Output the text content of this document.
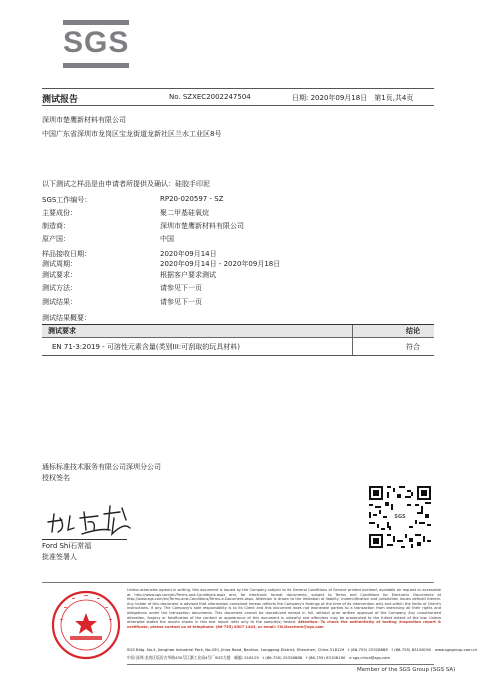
SGS
测试报告	No. SZXEC2002247504	日期: 2020年09月18日　第1页,共4页
深圳市楚鹰新材料有限公司
中国广东省深圳市龙岗区宝龙街道龙新社区兰水工业区8号
以下测试之样品是由申请者所提供及确认：硅胶手印泥
SGS工作编号：	RP20-020597 - SZ
主要成份：	聚二甲基硅氧烷
制造商：	深圳市楚鹰新材料有限公司
原产国：	中国
样品接收日期：	2020年09月14日
测试周期：	2020年09月14日 - 2020年09月18日
测试要求：	根据客户要求测试
测试方法：	请参见下一页
测试结果：	请参见下一页
测试结果概要：
测试要求	结论
EN 71-3:2019 - 可溶性元素含量(类别III:可刮取的玩具材料)	符合
通标标准技术服务有限公司深圳分公司
授权签名
Ford Shi石常福
批准签署人
SGS
Unless otherwise agreed in writing, this document is issued by the Company subject to its General Conditions of Service printed overleaf, available on request or accessible at http://www.sgs.com/en/Terms-and-Conditions.aspx and, for electronic format documents, subject to Terms and Conditions for Electronic Documents at http://www.sgs.com/en/Terms-and-Conditions/Terms-e-Document.aspx. Attention is drawn to the limitation of liability, indemnification and jurisdiction issues defined therein. Any holder of this document is advised that information contained hereon reflects the Company's findings at the time of its intervention only and within the limits of Client's instructions, if any. The Company's sole responsibility is to its Client and this document does not exonerate parties to a transaction from exercising all their rights and obligations under the transaction documents. This document cannot be reproduced except in full, without prior written approval of the Company. Any unauthorized alteration, forgery or falsification of the content or appearance of this document is unlawful and offenders may be prosecuted to the fullest extent of the law. Unless otherwise stated the results shown in this test report refer only to the sample(s) tested. Attention: To check the authenticity of testing /inspection report & certificate, please contact us at telephone: (86-755) 8307 1443, or email: CN.Doccheck@sgs.com
SGS Bldg. No.4, Jianghao Industrial Park, No.430, Jihua Road, Bantian, Longgang District, Shenzhen, China 518129　t (86-755) 25328888　f (86-755) 83108190　www.sgsgroup.com.cn
中国·深圳·龙岗区坂田吉华路430号江灏工业园4号厂SGS大楼　邮编: 518129　t (86-755) 25328888　f (86-755) 83108190　e sgs.china@sgs.com
Member of the SGS Group (SGS SA)
